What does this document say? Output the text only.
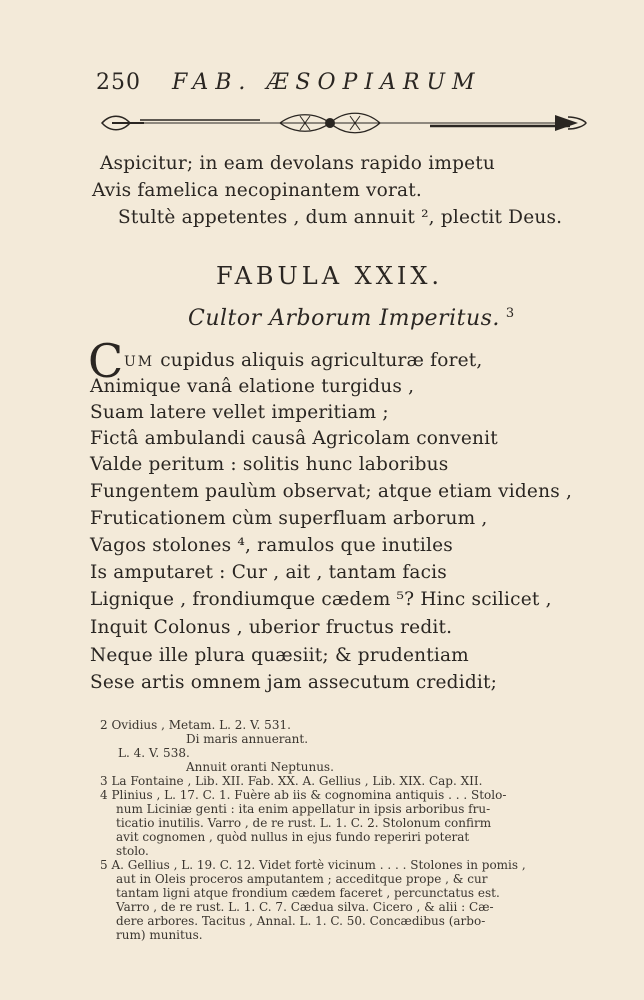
250 FAB. ÆSOPIARUM
Aspicitur; in eam devolans rapido impetu
Avis famelica necopinantem vorat.
Stultè appetentes , dum annuit ², plectit Deus.
FABULA XXIX.
Cultor Arborum Imperitus. $^3$
C UM cupidus aliquis agriculturæ foret,
Animique vanâ elatione turgidus ,
Suam latere vellet imperitiam ;
Fictâ ambulandi causâ Agricolam convenit
Valde peritum : solitis hunc laboribus
Fungentem paulùm observat; atque etiam videns ,
Fruticationem cùm superfluam arborum ,
Vagos stolones ⁴, ramulos que inutiles
Is amputaret : Cur , ait , tantam facis
Lignique , frondiumque cædem ⁵? Hinc scilicet ,
Inquit Colonus , uberior fructus redit.
Neque ille plura quæsiit; & prudentiam
Sese artis omnem jam assecutum credidit;
2 Ovidius , Metam. L. 2. V. 531.
Di maris annuerant.
L. 4. V. 538.
Annuit oranti Neptunus.
3 La Fontaine , Lib. XII. Fab. XX. A. Gellius , Lib. XIX. Cap. XII.
4 Plinius , L. 17. C. 1. Fuère ab iis & cognomina antiquis . . . Stolo-
num Liciniæ genti : ita enim appellatur in ipsis arboribus fru-
ticatio inutilis. Varro , de re rust. L. 1. C. 2. Stolonum confirm
avit cognomen , quòd nullus in ejus fundo reperiri poterat
stolo.
5 A. Gellius , L. 19. C. 12. Videt fortè vicinum . . . . Stolones in pomis ,
aut in Oleis proceros amputantem ; acceditque prope , & cur
tantam ligni atque frondium cædem faceret , percunctatus est.
Varro , de re rust. L. 1. C. 7. Cædua silva. Cicero , & alii : Cæ-
dere arbores. Tacitus , Annal. L. 1. C. 50. Concædibus (arbo-
rum) munitus.
